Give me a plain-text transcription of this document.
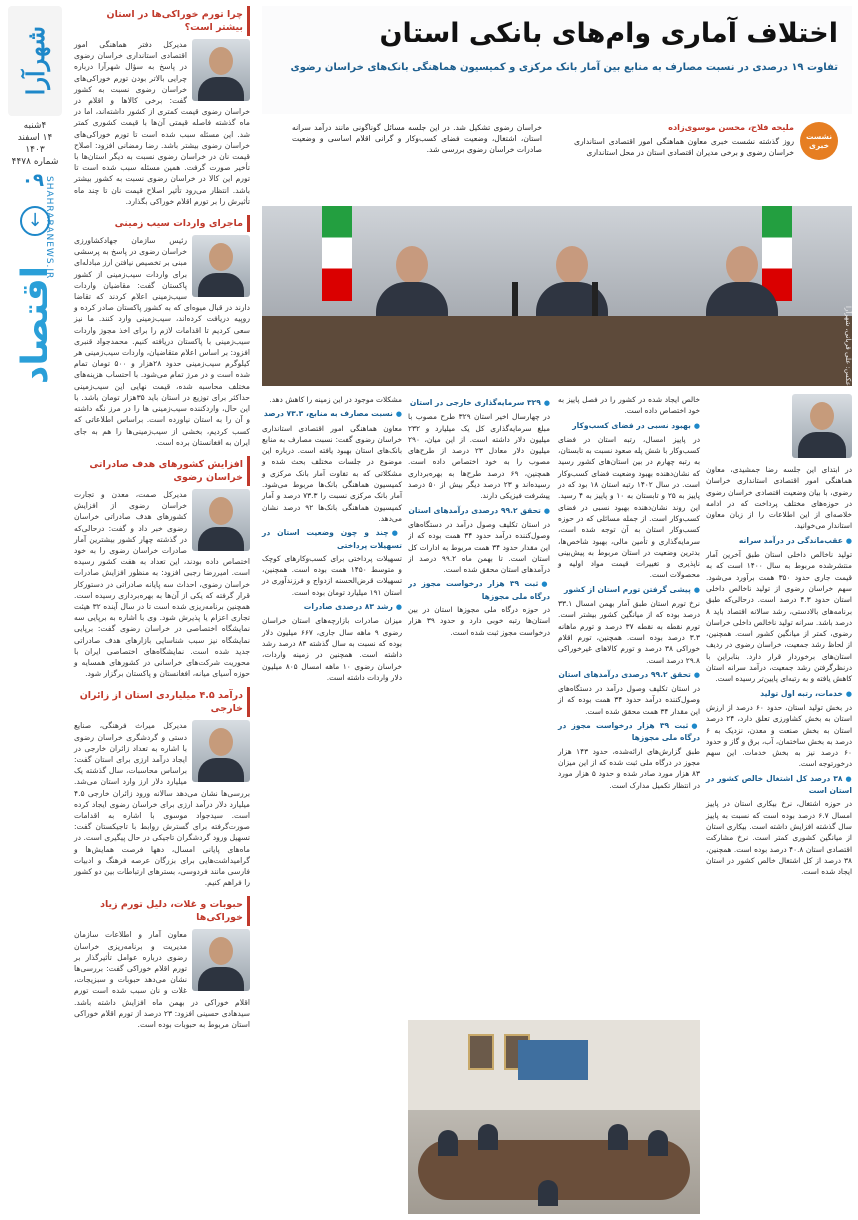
شهرآرا
۴شنبه
۱۴ اسفند ۱۴۰۳
شماره ۴۴۷۸
۰۹ SHAHRARANEWS.IR
↓
اقتصاد
چرا تورم خوراکی‌ها در استان بیشتر است؟

مدیرکل دفتر هماهنگی امور اقتصادی استانداری خراسان رضوی در پاسخ به سؤال شهرآرا درباره چرایی بالاتر بودن تورم خوراکی‌های خراسان رضوی نسبت به کشور گفت: برخی کالاها و اقلام در خراسان رضوی قیمت کمتری از کشور داشته‌اند، اما در ماه گذشته فاصله قیمتی آن‌ها با قیمت کشوری کمتر شد. این مسئله سبب شده است تا تورم خوراکی‌های خراسان رضوی بیشتر باشد. رضا رمضانی افزود: اصلاح قیمت نان در خراسان رضوی نسبت به دیگر استان‌ها با تأخیر صورت گرفت. همین مسئله سبب شده است تا تورم این کالا در خراسان رضوی نسبت به کشور بیشتر باشد. انتظار می‌رود تأثیر اصلاح قیمت نان تا چند ماه تأثیرش را بر تورم اقلام خوراکی بگذارد.

ماجرای واردات سیب زمینی

رئیس سازمان جهادکشاورزی خراسان رضوی در پاسخ به پرسشی مبنی بر تخصیص نیافتن ارز مبادله‌ای برای واردات سیب‌زمینی از کشور پاکستان گفت: مقاضیان واردات سیب‌زمینی اعلام کردند که تقاضا دارند در قبال میوه‌ای که به کشور پاکستان صادر کرده و روپیه دریافت کرده‌اند، سیب‌زمینی وارد کنند. ما نیز سعی کردیم تا اقدامات لازم را برای اخذ مجوز واردات سیب‌زمینی با پاکستان دریافته کنیم. محمدجواد قنبری افزود: بر اساس اعلام متقاضیان، واردات سیب‌زمینی هر کیلوگرم سیب‌زمینی حدود ۲۸هزار و ۵۰۰ تومان تمام شده است و در مرز تمام می‌شود. با احتساب هزینه‌های مختلف محاسبه شده، قیمت نهایی این سیب‌زمینی حداکثر برای توزیع در استان باید ۳۵هزار تومان باشد. با این حال، واردکننده سیب‌زمینی ها را در مرز نگه داشته و آن را به استان نیاورده است. براساس اطلاعاتی که کسب کردیم، بخشی از سیب‌زمینی‌ها را هم به جای ایران به افغانستان برده است.

افزایش کشورهای هدف صادراتی خراسان رضوی

مدیرکل صمت، معدن و تجارت خراسان رضوی از افزایش کشورهای هدف صادراتی خراسان رضوی خبر داد و گفت: درحالی‌که در گذشته چهار کشور بیشترین آمار صادرات خراسان رضوی را به خود اختصاص داده بودند، این تعداد به هفت کشور رسیده است. امیررضا رجبی افزود: به منظور افزایش صادرات خراسان رضوی، احداث سه پایانه صادراتی در دستورکار قرار گرفته که یکی از آن‌ها به بهره‌برداری رسیده است. همچنین برنامه‌ریزی شده است تا در سال آینده ۳۲ هیئت تجاری اعزام یا پذیرش شود. وی با اشاره به برپایی سه نمایشگاه اختصاصی در خراسان رضوی گفت: برپایی نمایشگاه نیز سبب شناسایی بازارهای هدف صادراتی جدید شده است. نمایشگاه‌های اختصاصی ایران با محوریت شرکت‌های خراسانی در کشورهای همسایه و حوزه آسیای میانه، افغانستان و پاکستان برگزار شود.

درآمد ۴.۵ میلیاردی استان از زائران خارجی

مدیرکل میراث فرهنگی، صنایع دستی و گردشگری خراسان رضوی با اشاره به تعداد زائران خارجی در ایجاد درآمد ارزی برای استان گفت: براساس محاسبات، سال گذشته یک میلیارد دلار ارز وارد استان می‌شد. بررسی‌ها نشان می‌دهد سالانه ورود زائران خارجی ۴.۵ میلیارد دلار درآمد ارزی برای خراسان رضوی ایجاد کرده است. سیدجواد موسوی با اشاره به اقدامات صورت‌گرفته برای گسترش روابط با تاجیکستان گفت: تسهیل ورود گردشگران تاجیکی در حال پیگیری است. در ماه‌های پایانی امسال، دهها فرصت همایش‌ها و گرامیداشت‌هایی برای بزرگان عرصه فرهنگ و ادبیات فارسی مانند فردوسی، بسترهای ارتباطات بین دو کشور را فراهم کنیم.

حبوبات و غلات، دلیل تورم زیاد خوراکی‌ها

معاون آمار و اطلاعات سازمان مدیریت و برنامه‌ریزی خراسان رضوی درباره عوامل تأثیرگذار بر تورم اقلام خوراکی گفت: بررسی‌ها نشان می‌دهد حبوبات و سبزیجات، غلات و نان سبب شده است تورم اقلام خوراکی در بهمن ماه افزایش داشته باشد. سیدهادی حسینی افزود: ۲۳ درصد از تورم اقلام خوراکی استان مربوط به حبوبات بوده است.

اختلاف آماری وام‌های بانکی استان
تفاوت ۱۹ درصدی در نسبت مصارف به منابع بین آمار بانک مرکزی و کمیسیون هماهنگی بانک‌های خراسان رضوی
نشست خبری
ملیحه فلاح، محسن موسوی‌زاده
روز گذشته نشست خبری معاون هماهنگی امور اقتصادی استانداری خراسان رضوی و برخی مدیران اقتصادی استان در محل استانداری
خراسان رضوی تشکیل شد. در این جلسه مسائل گوناگونی مانند درآمد سرانه استان، اشتغال، وضعیت فضای کسب‌وکار و گرانی اقلام اساسی و وضعیت صادرات خراسان رضوی بررسی شد.
عکس: علی قربانی، شهرآرا

در ابتدای این جلسه رضا جمشیدی، معاون هماهنگی امور اقتصادی استانداری خراسان رضوی، با بیان وضعیت اقتصادی خراسان رضوی در حوزه‌های مختلف پرداخت که در ادامه خلاصه‌ای از این اطلاعات را از زبان معاون استاندار می‌خوانید.

● عقب‌ماندگی در درآمد سرانه

تولید ناخالص داخلی استان طبق آخرین آمار منتشرشده مربوط به سال ۱۴۰۰ است که به قیمت جاری حدود ۳۵۰ همت برآورد می‌شود. سهم خراسان رضوی از تولید ناخالص داخلی استان حدود ۴.۳ درصد است. درحالی‌که طبق برنامه‌های بالادستی، رشد سالانه اقتصاد باید ۸ درصد باشد. سرانه تولید ناخالص داخلی خراسان رضوی، کمتر از میانگین کشور است. همچنین، از لحاظ رشد جمعیت، خراسان رضوی در ردیف استان‌های برخوردار قرار دارد. بنابراین با درنظرگرفتن رشد جمعیت، درآمد سرانه استان کاهش یافته و به رتبه‌ای پایین‌تر رسیده است.

● خدمات، رتبه اول تولید

در بخش تولید استان، حدود ۶۰ درصد از ارزش استان به بخش کشاورزی تعلق دارد، ۲۴ درصد استان به بخش صنعت و معدن، نزدیک به ۶ درصد به بخش ساختمان، آب، برق و گاز و حدود ۶۰ درصد نیز به بخش خدمات. این سهم درخورتوجه است.

● ۳۸ درصد کل اشتغال خالص کشور در استان است

در حوزه اشتغال، نرخ بیکاری استان در پاییز امسال ۶.۷ درصد بوده است که نسبت به پاییز سال گذشته افزایش داشته است. بیکاری استان از میانگین کشوری کمتر است. نرخ مشارکت اقتصادی استان ۴۰.۸ درصد بوده است. همچنین، ۳۸ درصد از کل اشتغال خالص کشور در استان ایجاد شده است.

خالص ایجاد شده در کشور را در فصل پاییز به خود اختصاص داده است.

● بهبود نسبی در فضای کسب‌وکار

در پاییز امسال، رتبه استان در فضای کسب‌وکار با شش پله صعود نسبت به تابستان، به رتبه چهارم در بین استان‌های کشور رسید که نشان‌دهنده بهبود وضعیت فضای کسب‌وکار است. در سال ۱۴۰۲ رتبه استان ۱۸ بود که در پاییز به ۲۵ و تابستان به ۱۰ و پاییز به ۴ رسید. این روند نشان‌دهنده بهبود نسبی در فضای کسب‌وکار است. از جمله مسائلی که در حوزه کسب‌وکار استان به آن توجه شده است، سرمایه‌گذاری و تأمین مالی، بهبود شاخص‌ها، بدترین وضعیت در استان مربوط به پیش‌بینی ناپذیری و تغییرات قیمت مواد اولیه و محصولات است.

● پیشی گرفتن تورم استان از کشور

نرخ تورم استان طبق آمار بهمن امسال ۳۳.۱ درصد بوده که از میانگین کشور بیشتر است. تورم نقطه به نقطه ۳۷ درصد و تورم ماهانه ۳.۳ درصد بوده است. همچنین، تورم اقلام خوراکی ۳۸ درصد و تورم کالاهای غیرخوراکی ۲۹.۸ درصد است.

● تحقق ۹۹.۲ درصدی درآمدهای استان

در استان تکلیف وصول درآمد در دستگاه‌های وصول‌کننده درآمد حدود ۳۴ همت بوده که از این مقدار ۳۴ همت محقق شده است.

● ثبت ۳۹ هزار درخواست مجوز در درگاه ملی مجوزها

طبق گزارش‌های ارائه‌شده، حدود ۱۴۳ هزار مجوز در درگاه ملی ثبت شده که از این میزان ۸۳ هزار مورد صادر شده و حدود ۵ هزار مورد در انتظار تکمیل مدارک است.

● ۳۲۹ سرمایه‌گذاری خارجی در استان

در چهارسال اخیر استان ۳۲۹ طرح مصوب با مبلغ سرمایه‌گذاری کل یک میلیارد و ۲۳۲ میلیون دلار داشته است. از این میان، ۲۹۰ میلیون دلار معادل ۲۳ درصد از طرح‌های مصوب را به خود اختصاص داده است. همچنین، ۶۹ درصد طرح‌ها به بهره‌برداری رسیده‌اند و ۲۳ درصد دیگر بیش از ۵۰ درصد پیشرفت فیزیکی دارند.

● تحقق ۹۹.۲ درصدی درآمدهای استان

در استان تکلیف وصول درآمد در دستگاه‌های وصول‌کننده درآمد حدود ۳۴ همت بوده که از این مقدار حدود ۳۴ همت مربوط به ادارات کل استان است. تا بهمن ماه ۹۹.۲ درصد از درآمدهای استان محقق شده است.

● ثبت ۳۹ هزار درخواست مجوز در درگاه ملی مجوزها

در حوزه درگاه ملی مجوزها استان در بین استان‌ها رتبه خوبی دارد و حدود ۳۹ هزار درخواست مجوز ثبت شده است.

مشکلات موجود در این زمینه را کاهش دهد.

● نسبت مصارف به منابع، ۷۳.۳ درصد

معاون هماهنگی امور اقتصادی استانداری خراسان رضوی گفت: نسبت مصارف به منابع بانک‌های استان بهبود یافته است. درباره این موضوع در جلسات مختلف بحث شده و مشکلاتی که به تفاوت آمار بانک مرکزی و کمیسیون هماهنگی بانک‌ها مربوط می‌شود. آمار بانک مرکزی نسبت را ۷۳.۳ درصد و آمار کمیسیون هماهنگی بانک‌ها ۹۲ درصد نشان می‌دهد.

● چند و چون وضعیت استان در تسهیلات پرداختی

تسهیلات پرداختی برای کسب‌وکارهای کوچک و متوسط ۱۴۵۰ همت بوده است. همچنین، تسهیلات قرض‌الحسنه ازدواج و فرزندآوری در استان ۱۹۱ میلیارد تومان بوده است.

● رشد ۸۳ درصدی صادرات

میزان صادرات بازارچه‌های استان خراسان رضوی ۹ ماهه سال جاری، ۶۶۷ میلیون دلار بوده که نسبت به سال گذشته ۸۳ درصد رشد داشته است. همچنین در زمینه واردات، خراسان رضوی ۱۰ ماهه امسال ۸۰۵ میلیون دلار واردات داشته است.
